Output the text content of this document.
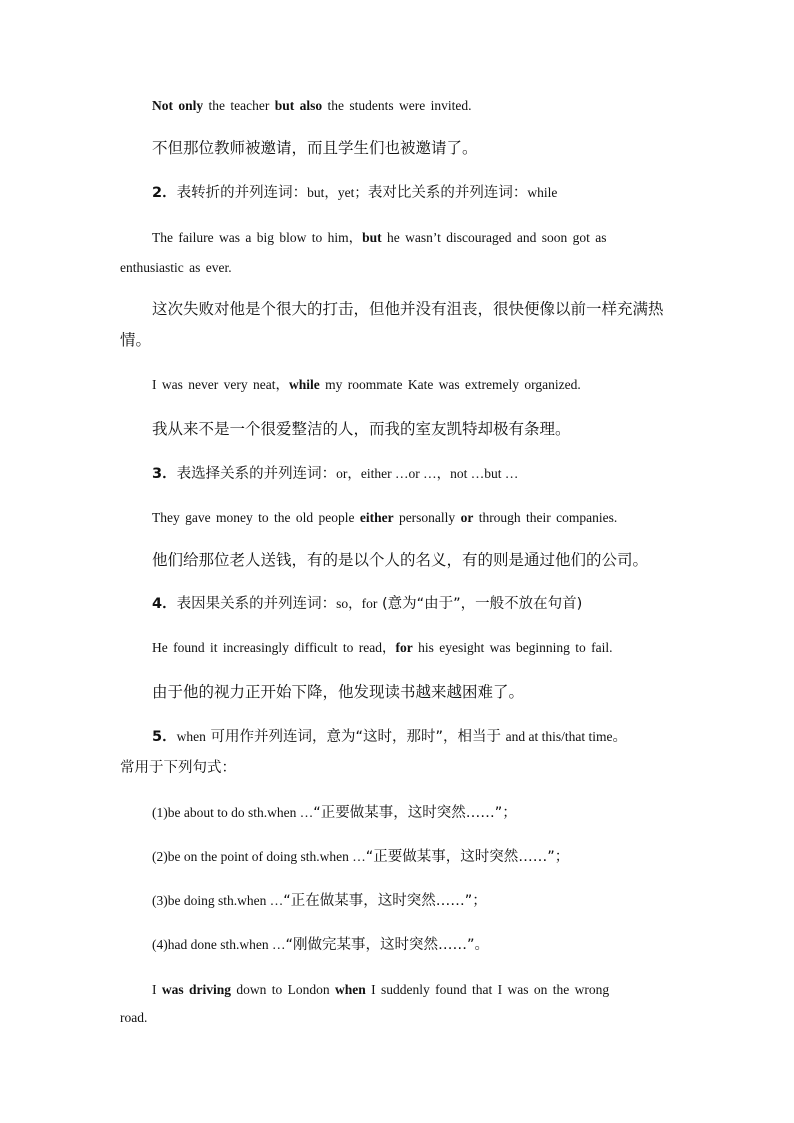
Not only the teacher but also the students were invited.
不但那位教师被邀请，而且学生们也被邀请了。
2．表转折的并列连词：but，yet；表对比关系的并列连词：while
The failure was a big blow to him，but he wasn’t discouraged and soon got as
enthusiastic as ever.
这次失败对他是个很大的打击，但他并没有沮丧，很快便像以前一样充满热
情。
I was never very neat，while my roommate Kate was extremely organized.
我从来不是一个很爱整洁的人，而我的室友凯特却极有条理。
3．表选择关系的并列连词：or，either …or …，not …but …
They gave money to the old people either personally or through their companies.
他们给那位老人送钱，有的是以个人的名义，有的则是通过他们的公司。
4．表因果关系的并列连词：so，for (意为“由于”，一般不放在句首)
He found it increasingly difficult to read，for his eyesight was beginning to fail.
由于他的视力正开始下降，他发现读书越来越困难了。
5．when 可用作并列连词，意为“这时，那时”，相当于 and at this/that time。
常用于下列句式：
(1)be about to do sth.when …“正要做某事，这时突然……”；
(2)be on the point of doing sth.when …“正要做某事，这时突然……”；
(3)be doing sth.when …“正在做某事，这时突然……”；
(4)had done sth.when …“刚做完某事，这时突然……”。
I was driving down to London when I suddenly found that I was on the wrong
road.
